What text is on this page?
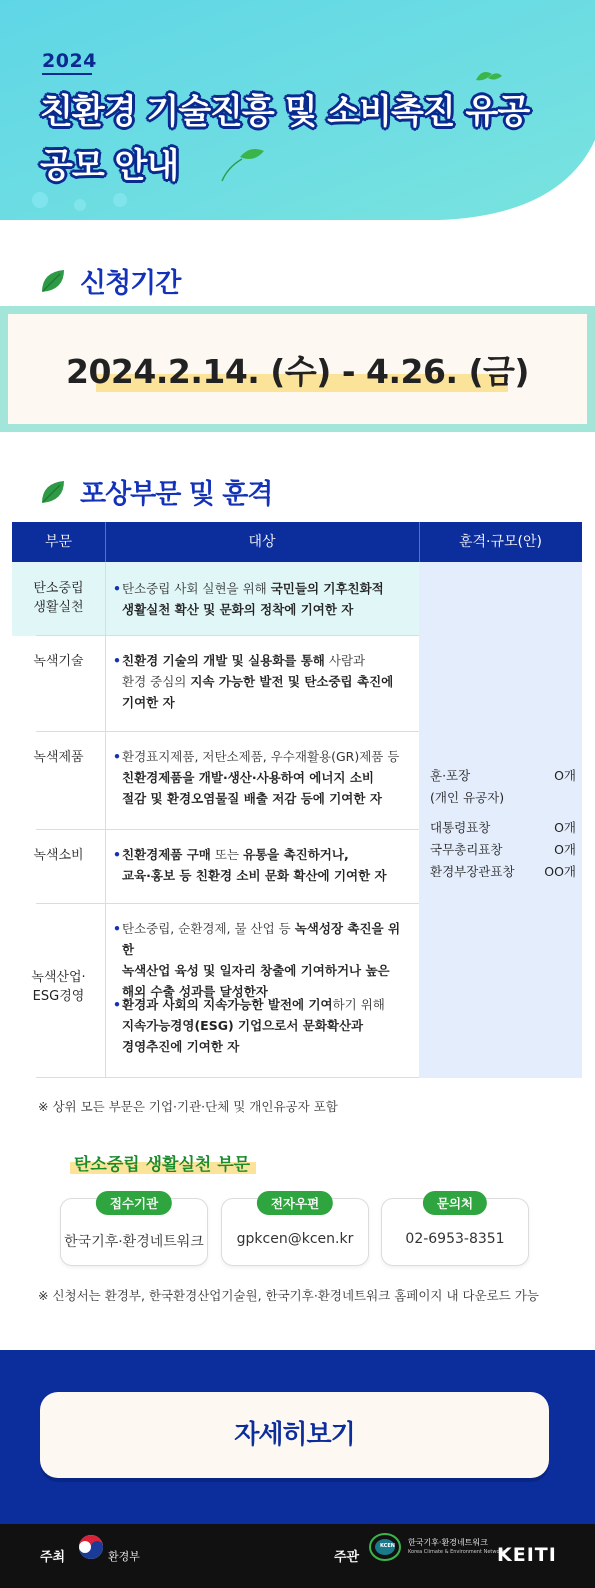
2024
친환경 기술진흥 및 소비촉진 유공
공모 안내
신청기간
2024.2.14. (수) - 4.26. (금)
포상부문 및 훈격
부문	대상	훈격·규모(안)
탄소중립
생활실천
• 탄소중립 사회 실현을 위해 국민들의 기후친화적
생활실천 확산 및 문화의 정착에 기여한 자
녹색기술	• 친환경 기술의 개발 및 실용화를 통해 사람과
환경 중심의 지속 가능한 발전 및 탄소중립 촉진에
기여한 자
녹색제품	• 환경표지제품, 저탄소제품, 우수재활용(GR)제품 등
친환경제품을 개발·생산·사용하여 에너지 소비
절감 및 환경오염물질 배출 저감 등에 기여한 자
녹색소비	• 친환경제품 구매 또는 유통을 촉진하거나,
교육·홍보 등 친환경 소비 문화 확산에 기여한 자
녹색산업·
ESG경영
• 탄소중립, 순환경제, 물 산업 등 녹색성장 촉진을 위한
녹색산업 육성 및 일자리 창출에 기여하거나 높은
해외 수출 성과를 달성한자
• 환경과 사회의 지속가능한 발전에 기여하기 위해
지속가능경영(ESG) 기업으로서 문화확산과
경영추진에 기여한 자
훈·포장	O개
(개인 유공자)
대통령표창	O개
국무총리표창	O개
환경부장관표창 OO개
※ 상위 모든 부문은 기업·기관·단체 및 개인유공자 포함
탄소중립 생활실천 부문
접수기관
한국기후·환경네트워크
전자우편
gpkcen@kcen.kr
문의처
02-6953-8351
※ 신청서는 환경부, 한국환경산업기술원, 한국기후·환경네트워크 홈페이지 내 다운로드 가능
자세히보기
주최	환경부	주관
KCEN 한국기후·환경네트워크
Korea Climate & Environment Network
KEITI
